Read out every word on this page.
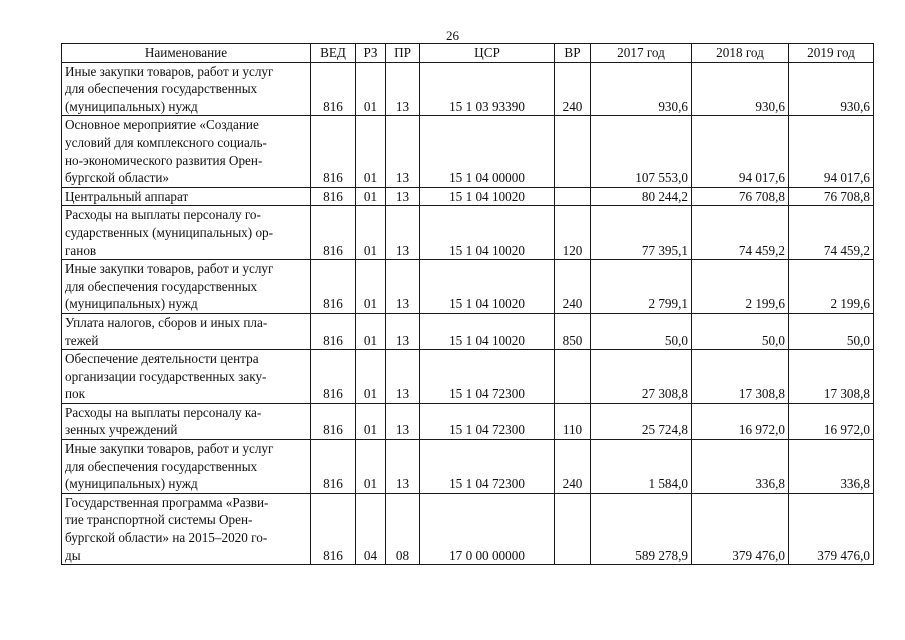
26
Наименование	ВЕД	РЗ	ПР	ЦСР	ВР	2017 год	2018 год	2019 год

Иные закупки товаров, работ и услуг
для обеспечения государственных
(муниципальных) нужд	816	01	13	15 1 03 93390	240	930,6	930,6	930,6

Основное мероприятие «Создание
условий для комплексного социаль-
но-экономического развития Орен-
бургской области»	816	01	13	15 1 04 00000		107 553,0	94 017,6	94 017,6

Центральный аппарат	816	01	13	15 1 04 10020		80 244,2	76 708,8	76 708,8

Расходы на выплаты персоналу го-
сударственных (муниципальных) ор-
ганов	816	01	13	15 1 04 10020	120	77 395,1	74 459,2	74 459,2

Иные закупки товаров, работ и услуг
для обеспечения государственных
(муниципальных) нужд	816	01	13	15 1 04 10020	240	2 799,1	2 199,6	2 199,6

Уплата налогов, сборов и иных пла-
тежей	816	01	13	15 1 04 10020	850	50,0	50,0	50,0

Обеспечение деятельности центра
организации государственных заку-
пок	816	01	13	15 1 04 72300		27 308,8	17 308,8	17 308,8

Расходы на выплаты персоналу ка-
зенных учреждений	816	01	13	15 1 04 72300	110	25 724,8	16 972,0	16 972,0

Иные закупки товаров, работ и услуг
для обеспечения государственных
(муниципальных) нужд	816	01	13	15 1 04 72300	240	1 584,0	336,8	336,8

Государственная программа «Разви-
тие транспортной системы Орен-
бургской области» на 2015–2020 го-
ды	816	04	08	17 0 00 00000		589 278,9	379 476,0	379 476,0
